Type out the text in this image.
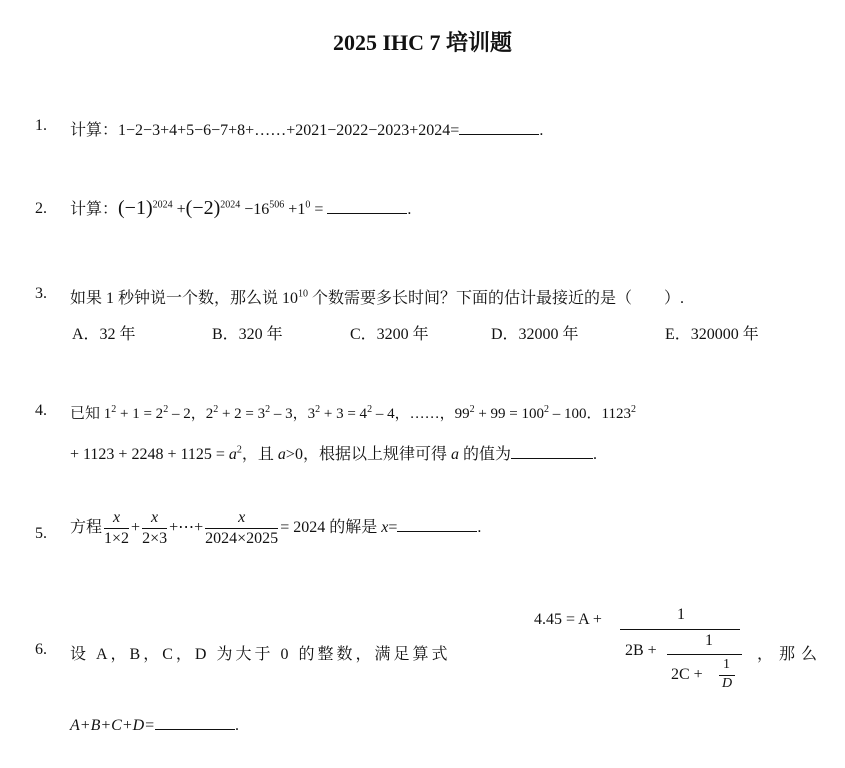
2025 IHC 7 培训题
1. 计算：1−2−3+4+5−6−7+8+……+2021−2022−2023+2024=	.
2. 计算：$(-1)^{2024} +(-2)^{2024} -16^{506} +1^0$ =	.
3. 如果 1 秒钟说一个数，那么说 $10^{10}$ 个数需要多长时间？下面的估计最接近的是（　　）.
A．32 年	B．320 年	C．3200 年	D．32000 年	E．320000 年
4. 已知 $1^2 + 1 = 2^2 - 2$，$2^2 + 2 = 3^2 - 3$，$3^2 + 3 = 4^2 - 4$，……，$99^2 + 99 = 100^2 - 100$．$1123^2$
+ $1123 + 2248 + 1125 = a^2$，且 a>0，根据以上规律可得 a 的值为	.
5. 方程 $\frac{x}{1\times 2} + \frac{x}{2\times 3}$ +⋯+ $\frac{x}{2024\times 2025} = 2024$ 的解是 x=	.
6. 设 A，B，C，D 为大于 0 的整数，满足算式
4.45 = A +	1
2B +
1
2C +
1
D
，那么
A+B+C+D=	.
